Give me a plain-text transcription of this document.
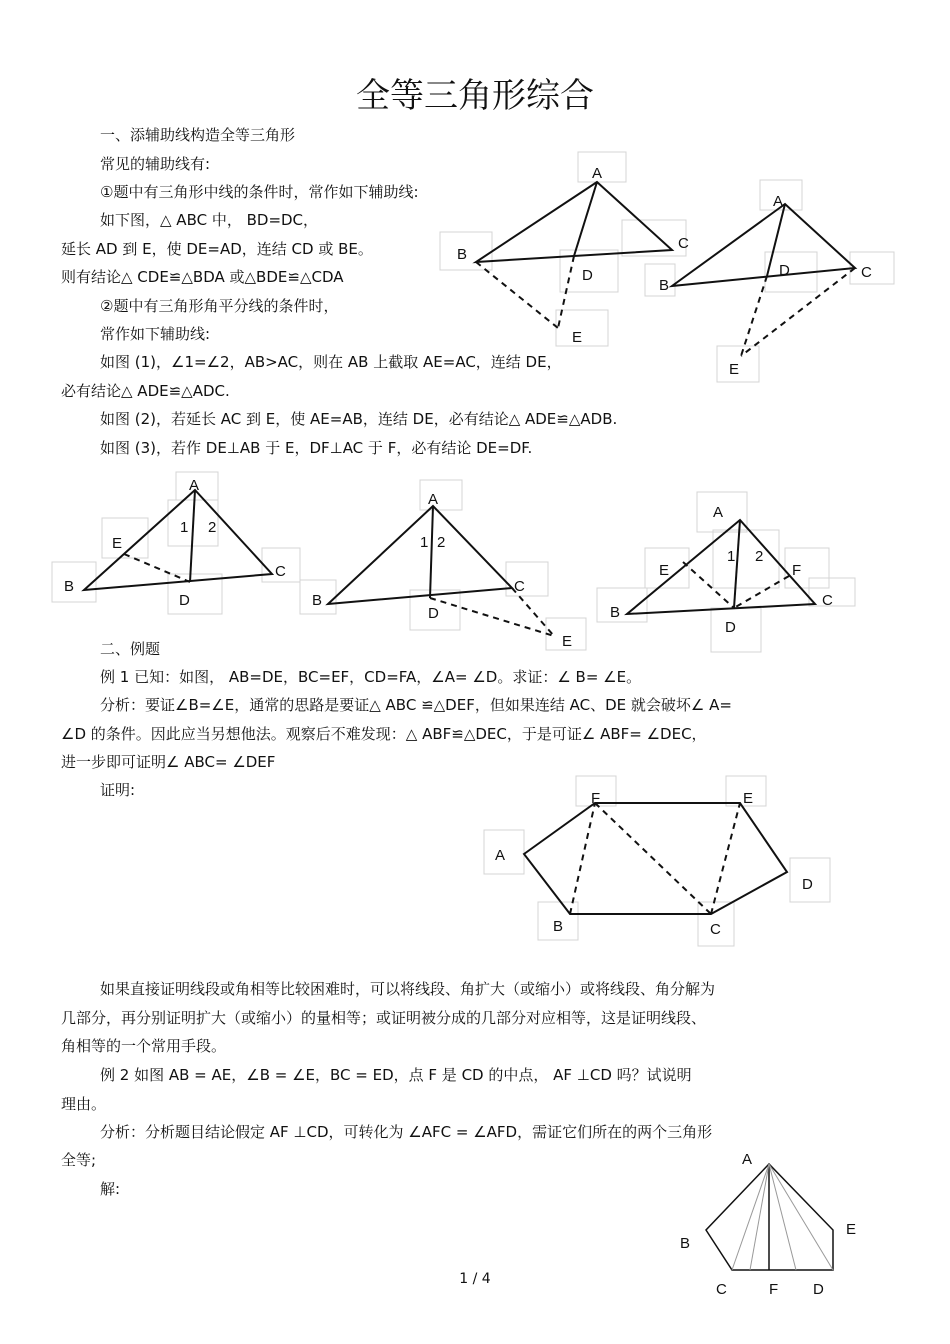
全等三角形综合
一、添辅助线构造全等三角形
常见的辅助线有:
①题中有三角形中线的条件时，常作如下辅助线:
如下图，△ ABC 中， BD=DC，
延长 AD 到 E，使 DE=AD，连结 CD 或 BE。
则有结论△ CDE≌△BDA 或△BDE≌△CDA
②题中有三角形角平分线的条件时，
常作如下辅助线:
如图 (1)，∠1=∠2，AB>AC，则在 AB 上截取 AE=AC，连结 DE，
必有结论△ ADE≌△ADC.
如图 (2)，若延长 AC 到 E，使 AE=AB，连结 DE，必有结论△ ADE≌△ADB.
如图 (3)，若作 DE⊥AB 于 E，DF⊥AC 于 F，必有结论 DE=DF.
A
B
C
D
E
A
B
C
D
E
A
B
C
D
E
1 2
A
B
C
D
E
1 2
A
B
C
D
E	F
1 2
二、例题
例 1 已知：如图， AB=DE，BC=EF，CD=FA，∠A= ∠D。求证：∠ B= ∠E。
分析：要证∠B=∠E，通常的思路是要证△ ABC ≌△DEF，但如果连结 AC、DE 就会破坏∠ A=
∠D 的条件。因此应当另想他法。观察后不难发现：△ ABF≌△DEC，于是可证∠ ABF= ∠DEC，
进一步即可证明∠ ABC= ∠DEF
证明:	F	E
A
D
B	C
如果直接证明线段或角相等比较困难时，可以将线段、角扩大（或缩小）或将线段、角分解为
几部分，再分别证明扩大（或缩小）的量相等；或证明被分成的几部分对应相等，这是证明线段、
角相等的一个常用手段。
例 2 如图 AB = AE，∠B = ∠E，BC = ED，点 F 是 CD 的中点， AF ⊥CD 吗？试说明
理由。
分析：分析题目结论假定 AF ⊥CD，可转化为 ∠AFC = ∠AFD，需证它们所在的两个三角形
全等;
解:
A
B
E
C	F D
1 / 4
